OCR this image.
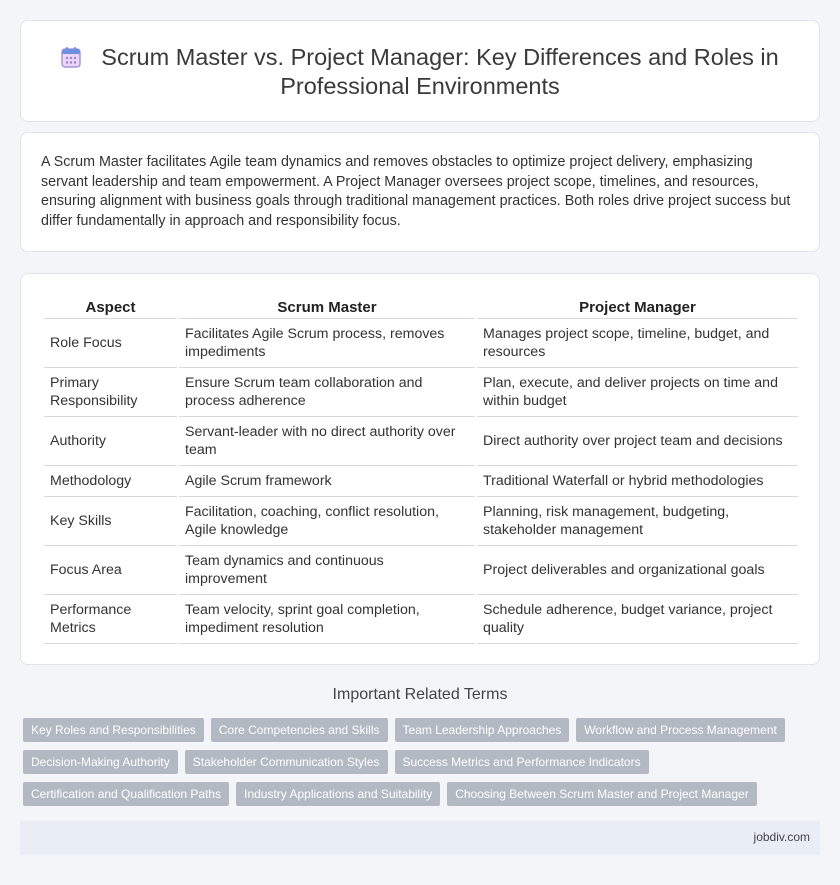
Scrum Master vs. Project Manager: Key Differences and Roles in Professional Environments

A Scrum Master facilitates Agile team dynamics and removes obstacles to optimize project delivery, emphasizing servant leadership and team empowerment. A Project Manager oversees project scope, timelines, and resources, ensuring alignment with business goals through traditional management practices. Both roles drive project success but differ fundamentally in approach and responsibility focus.

Aspect	Scrum Master	Project Manager
Role Focus	Facilitates Agile Scrum process, removes impediments	Manages project scope, timeline, budget, and resources
Primary Responsibility	Ensure Scrum team collaboration and process adherence	Plan, execute, and deliver projects on time and within budget
Authority	Servant-leader with no direct authority over team	Direct authority over project team and decisions
Methodology	Agile Scrum framework	Traditional Waterfall or hybrid methodologies
Key Skills	Facilitation, coaching, conflict resolution, Agile knowledge	Planning, risk management, budgeting, stakeholder management
Focus Area	Team dynamics and continuous improvement	Project deliverables and organizational goals
Performance Metrics	Team velocity, sprint goal completion, impediment resolution	Schedule adherence, budget variance, project quality
Important Related Terms
Key Roles and Responsibilities	Core Competencies and Skills	Team Leadership Approaches	Workflow and Process Management
Decision-Making Authority	Stakeholder Communication Styles	Success Metrics and Performance Indicators
Certification and Qualification Paths	Industry Applications and Suitability	Choosing Between Scrum Master and Project Manager
jobdiv.com
